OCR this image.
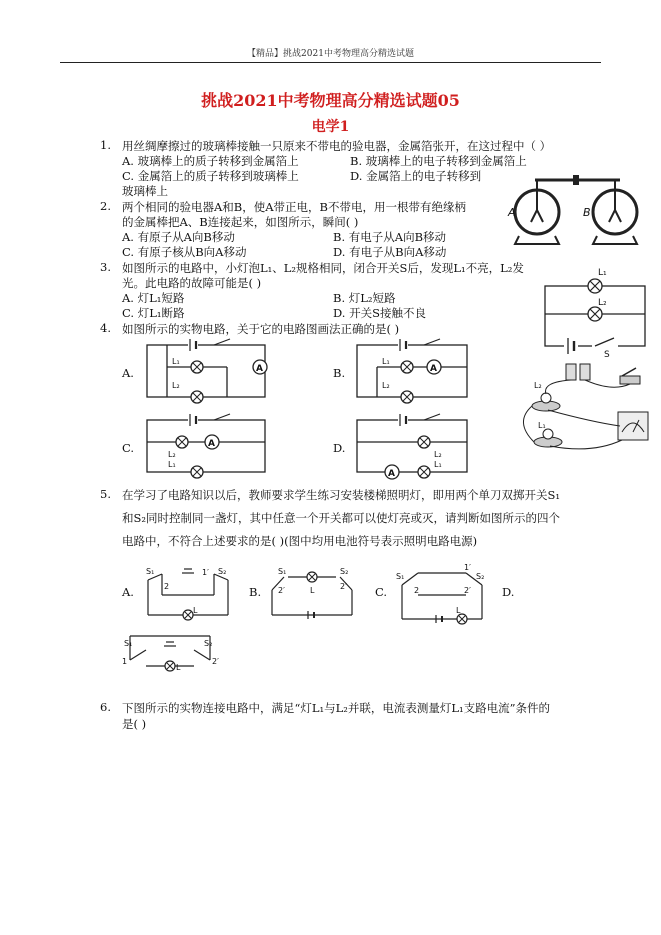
【精品】挑战2021中考物理高分精选试题
挑战2021中考物理高分精选试题05
电学1
1. 用丝绸摩擦过的玻璃棒接触一只原来不带电的验电器，金属箔张开，在这过程中（ ）
A. 玻璃棒上的质子转移到金属箔上	B. 玻璃棒上的电子转移到金属箔上
C. 金属箔上的质子转移到玻璃棒上	D. 金属箔上的电子转移到
玻璃棒上
A	B
2. 两个相同的验电器A和B，使A带正电，B不带电，用一根带有绝缘柄
的金属棒把A、B连接起来，如图所示，瞬间( )
A. 有原子从A向B移动	B. 有电子从A向B移动
C. 有原子核从B向A移动	D. 有电子从B向A移动
3. 如图所示的电路中，小灯泡L₁、L₂规格相同，闭合开关S后，发现L₁不亮，L₂发
光。此电路的故障可能是( )
A. 灯L₁短路	B. 灯L₂短路
C. 灯L₁断路	D. 开关S接触不良
L₁
L₂
S
4. 如图所示的实物电路，关于它的电路图画法正确的是( )
A.	B.
C.	D.
A
L₁
L₂
A
L₁
L₂
A
L₂
L₁
A
L₂
L₁
L₂
L₁
5. 在学习了电路知识以后，教师要求学生练习安装楼梯照明灯，即用两个单刀双掷开关S₁
和S₂同时控制同一盏灯，其中任意一个开关都可以使灯亮或灭，请判断如图所示的四个
电路中，不符合上述要求的是( )(图中均用电池符号表示照明电路电源)
A.	B.	C.	D.
S₁	S₂
2
1′
L
S₁	S₂
2′	2′
L
S₁	S₂
1′
2	2′
L
S₁	S₂
1	2′
L
6. 下图所示的实物连接电路中，满足“灯L₁与L₂并联，电流表测量灯L₁支路电流”条件的
是( )
